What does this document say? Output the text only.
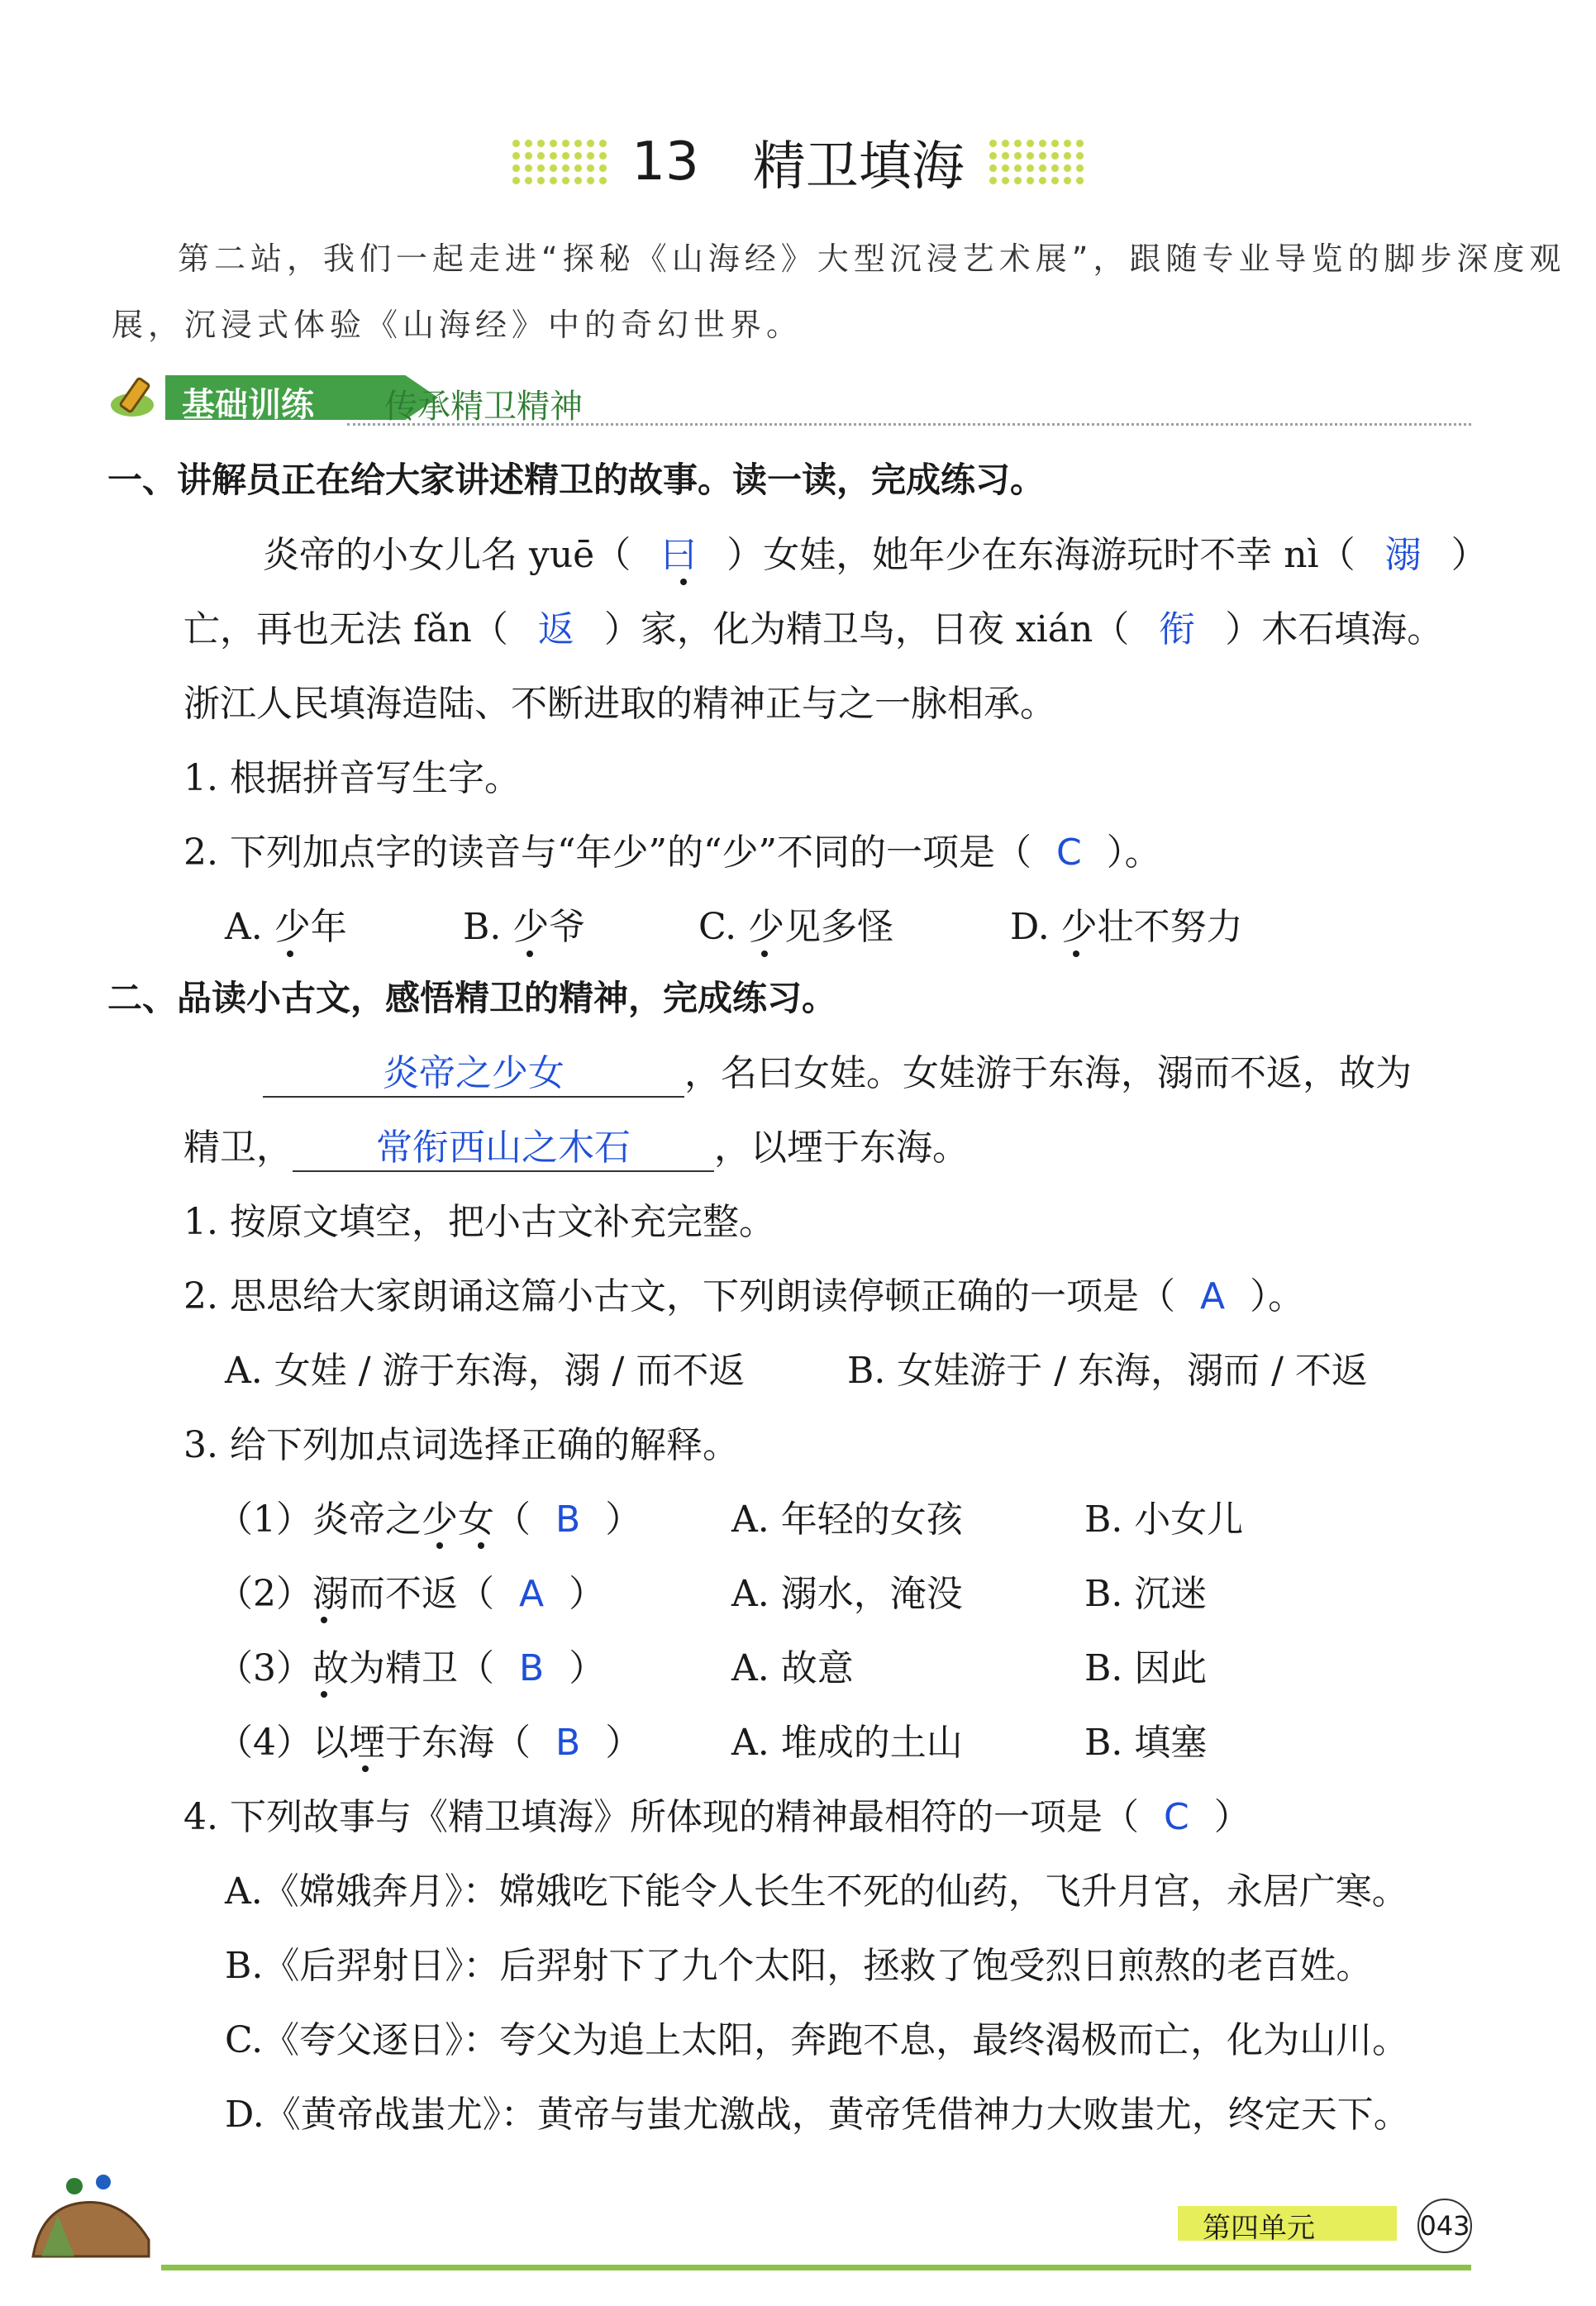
13 精卫填海
第二站，我们一起走进“探秘《山海经》大型沉浸艺术展”，跟随专业导览的脚步深度观
展，沉浸式体验《山海经》中的奇幻世界。
基础训练 传承精卫精神
一、讲解员正在给大家讲述精卫的故事。读一读，完成练习。
炎帝的小女儿名 yuē（ 曰 ）女娃，她年少在东海游玩时不幸 nì（ 溺 ）
亡，再也无法 fǎn（ 返 ）家，化为精卫鸟，日夜 xián（ 衔 ）木石填海。
浙江人民填海造陆、不断进取的精神正与之一脉相承。
1. 根据拼音写生字。
2. 下列加点字的读音与“年少”的“少”不同的一项是（ C ）。
A. 少年	B. 少爷	C. 少见多怪	D. 少壮不努力
二、品读小古文，感悟精卫的精神，完成练习。
炎帝之少女	，名曰女娃。女娃游于东海，溺而不返，故为
精卫， 常衔西山之木石 ，以堙于东海。
1. 按原文填空，把小古文补充完整。
2. 思思给大家朗诵这篇小古文，下列朗读停顿正确的一项是（ A ）。
A. 女娃 / 游于东海，溺 / 而不返	B. 女娃游于 / 东海，溺而 / 不返
3. 给下列加点词选择正确的解释。
（1）炎帝之少女（ B ） A. 年轻的女孩	B. 小女儿
（2）溺而不返（ A ）	A. 溺水，淹没	B. 沉迷
（3）故为精卫（ B ）	A. 故意	B. 因此
（4）以堙于东海（ B ） A. 堆成的土山	B. 填塞
4. 下列故事与《精卫填海》所体现的精神最相符的一项是（ C ）
A.《嫦娥奔月》：嫦娥吃下能令人长生不死的仙药，飞升月宫，永居广寒。
B.《后羿射日》：后羿射下了九个太阳，拯救了饱受烈日煎熬的老百姓。
C.《夸父逐日》：夸父为追上太阳，奔跑不息，最终渴极而亡，化为山川。
D.《黄帝战蚩尤》：黄帝与蚩尤激战，黄帝凭借神力大败蚩尤，终定天下。
第四单元	043
